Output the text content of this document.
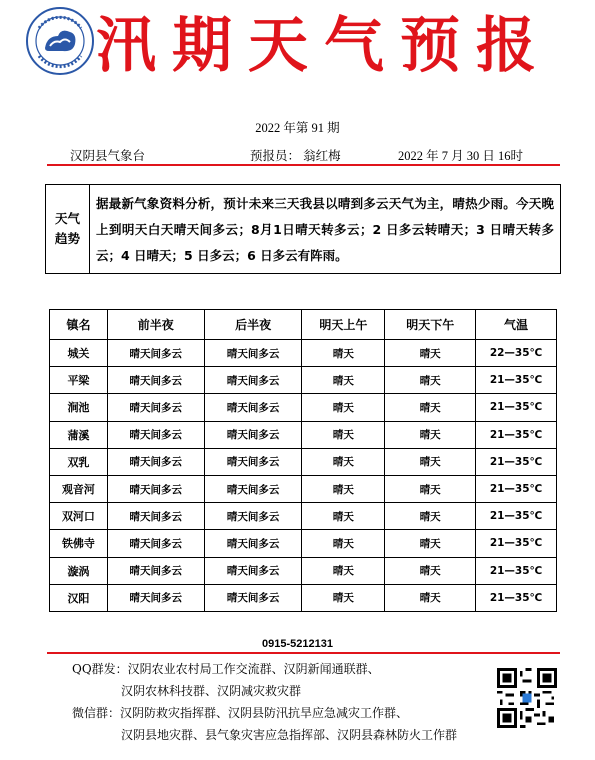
汛期天气预报
2022 年第 91 期
汉阴县气象台	预报员： 翁红梅	2022 年 7 月 30 日 16时
天气趋势
据最新气象资料分析，预计未来三天我县以晴到多云天气为主，晴热少雨。今天晚上到明天白天晴天间多云；8月1日晴天转多云；2 日多云转晴天；3 日晴天转多云；4 日晴天；5 日多云；6 日多云有阵雨。
镇名	前半夜	后半夜	明天上午	明天下午	气温
城关	晴天间多云	晴天间多云	晴天	晴天	22—35℃
平梁	晴天间多云	晴天间多云	晴天	晴天	21—35℃
涧池	晴天间多云	晴天间多云	晴天	晴天	21—35℃
蒲溪	晴天间多云	晴天间多云	晴天	晴天	21—35℃
双乳	晴天间多云	晴天间多云	晴天	晴天	21—35℃
观音河	晴天间多云	晴天间多云	晴天	晴天	21—35℃
双河口	晴天间多云	晴天间多云	晴天	晴天	21—35℃
铁佛寺	晴天间多云	晴天间多云	晴天	晴天	21—35℃
漩涡	晴天间多云	晴天间多云	晴天	晴天	21—35℃
汉阳	晴天间多云	晴天间多云	晴天	晴天	21—35℃
0915-5212131
QQ群发：汉阴农业农村局工作交流群、汉阴新闻通联群、
汉阴农林科技群、汉阴减灾救灾群
微信群：汉阴防救灾指挥群、汉阴县防汛抗旱应急减灾工作群、
汉阴县地灾群、县气象灾害应急指挥部、汉阴县森林防火工作群
